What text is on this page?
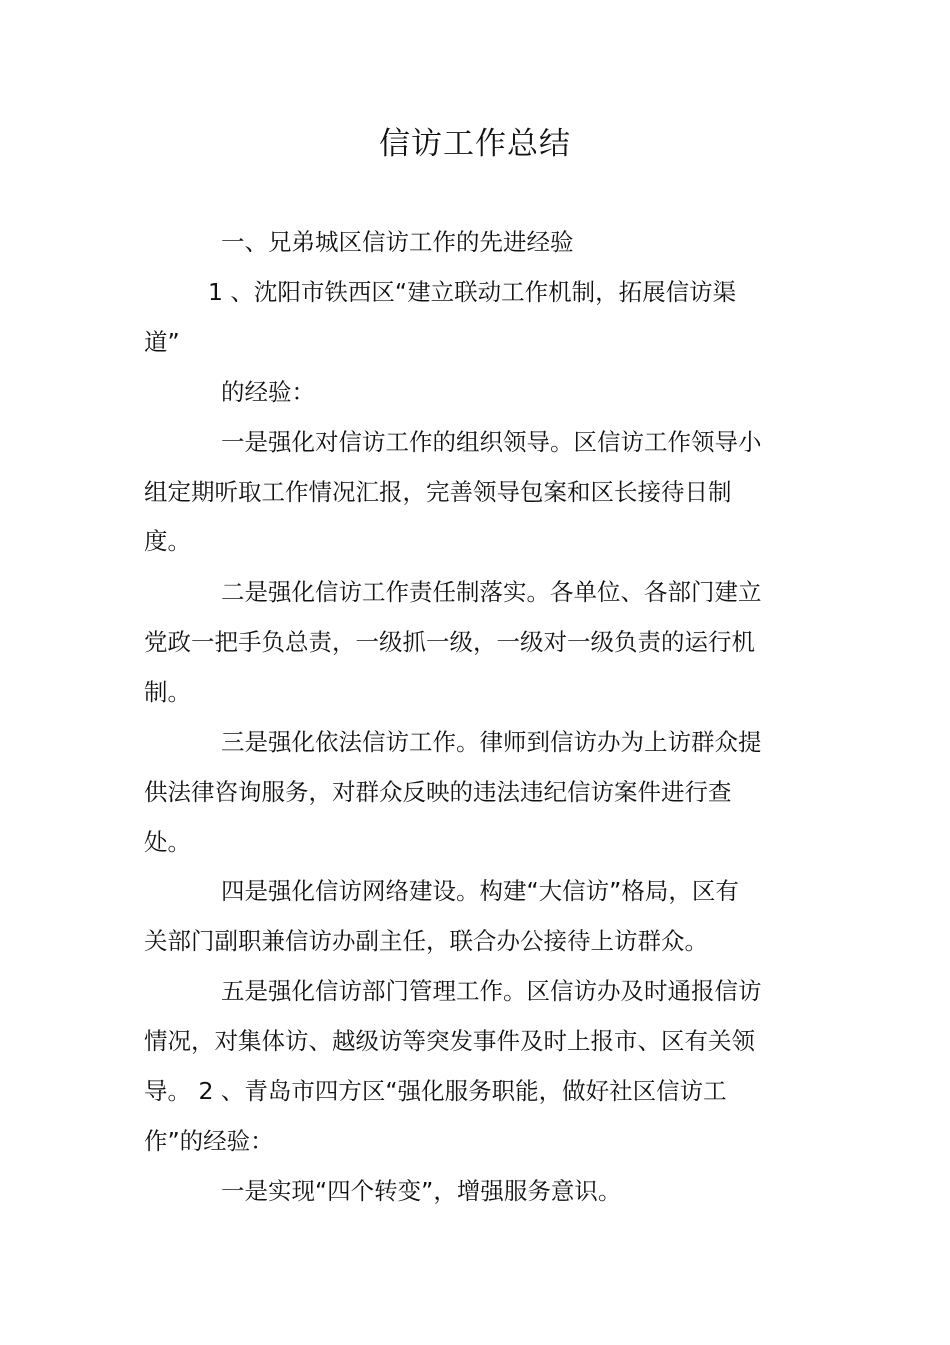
信访工作总结
一、兄弟城区信访工作的先进经验
1 、沈阳市铁西区“建立联动工作机制，拓展信访渠
道”
的经验：
一是强化对信访工作的组织领导。区信访工作领导小
组定期听取工作情况汇报，完善领导包案和区长接待日制
度。
二是强化信访工作责任制落实。各单位、各部门建立
党政一把手负总责，一级抓一级，一级对一级负责的运行机
制。
三是强化依法信访工作。律师到信访办为上访群众提
供法律咨询服务，对群众反映的违法违纪信访案件进行查
处。
四是强化信访网络建设。构建“大信访”格局，区有
关部门副职兼信访办副主任，联合办公接待上访群众。
五是强化信访部门管理工作。区信访办及时通报信访
情况，对集体访、越级访等突发事件及时上报市、区有关领
导。 2 、青岛市四方区“强化服务职能，做好社区信访工
作”的经验：
一是实现“四个转变”，增强服务意识。
